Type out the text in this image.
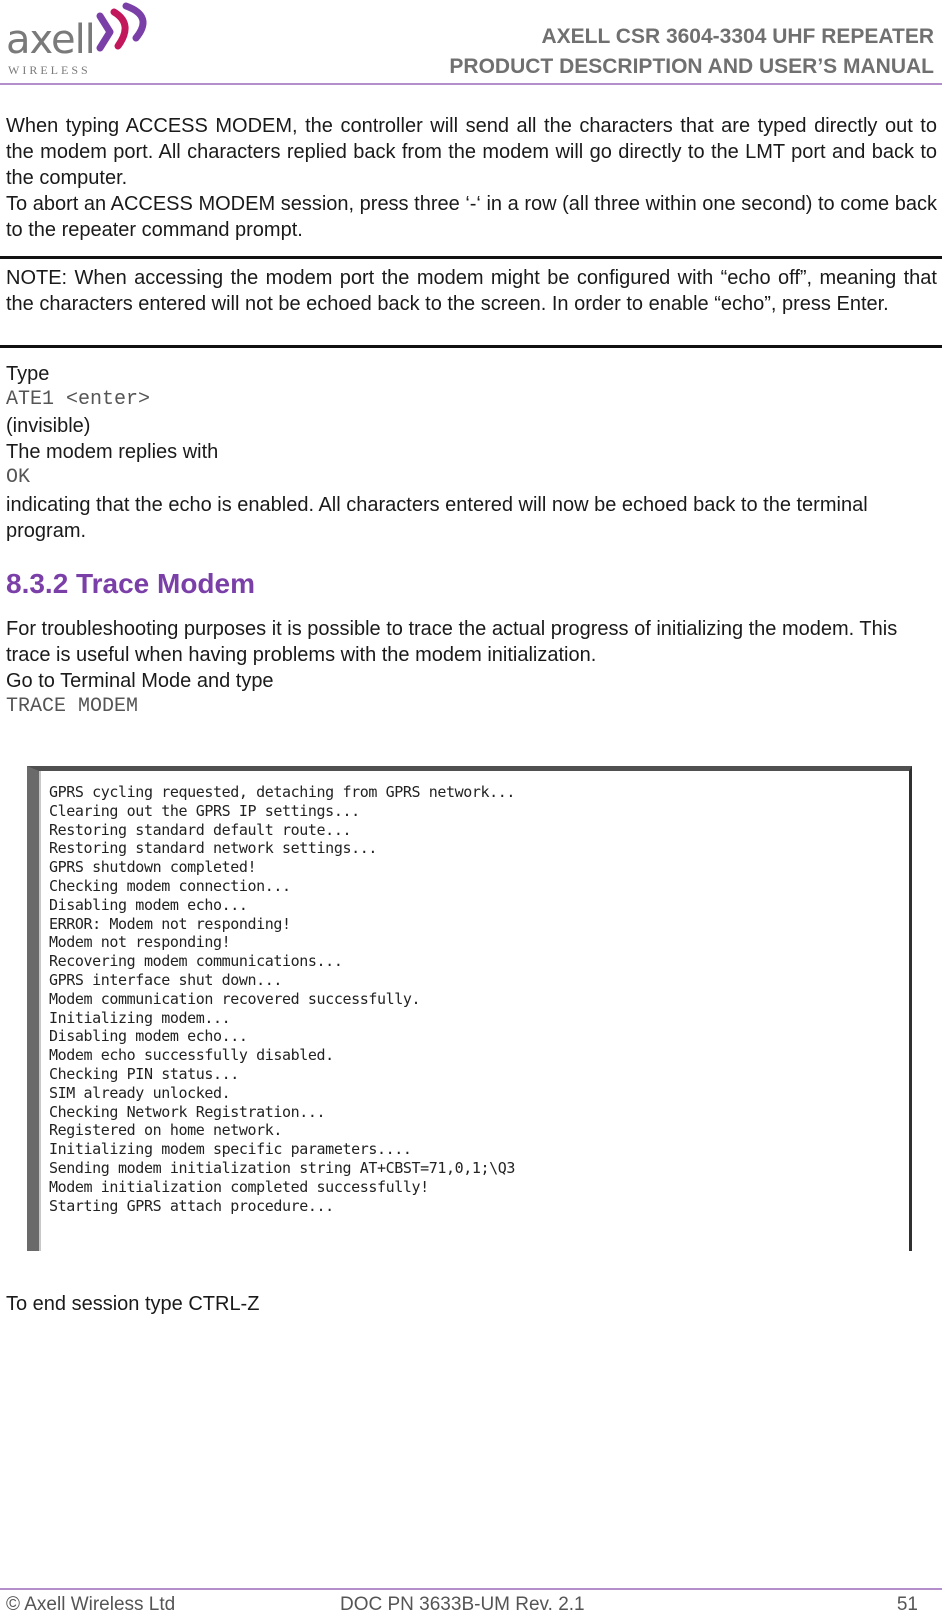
axell
WIRELESS
AXELL CSR 3604-3304 UHF REPEATER
PRODUCT DESCRIPTION AND USER’S MANUAL
When typing ACCESS MODEM, the controller will send all the characters that are typed directly out to the modem port. All characters replied back from the modem will go directly to the LMT port and back to the computer.
To abort an ACCESS MODEM session, press three ‘-‘ in a row (all three within one second) to come back to the repeater command prompt.
NOTE: When accessing the modem port the modem might be configured with “echo off”, meaning that the characters entered will not be echoed back to the screen. In order to enable “echo”, press Enter.
Type
ATE1 <enter>
(invisible)
The modem replies with
OK
indicating that the echo is enabled. All characters entered will now be echoed back to the terminal program.
8.3.2 Trace Modem
For troubleshooting purposes it is possible to trace the actual progress of initializing the modem. This trace is useful when having problems with the modem initialization.
Go to Terminal Mode and type
TRACE MODEM
GPRS cycling requested, detaching from GPRS network...
Clearing out the GPRS IP settings...
Restoring standard default route...
Restoring standard network settings...
GPRS shutdown completed!
Checking modem connection...
Disabling modem echo...
ERROR: Modem not responding!
Modem not responding!
Recovering modem communications...
GPRS interface shut down...
Modem communication recovered successfully.
Initializing modem...
Disabling modem echo...
Modem echo successfully disabled.
Checking PIN status...
SIM already unlocked.
Checking Network Registration...
Registered on home network.
Initializing modem specific parameters....
Sending modem initialization string AT+CBST=71,0,1;\Q3
Modem initialization completed successfully!
Starting GPRS attach procedure...
To end session type CTRL-Z
© Axell Wireless Ltd	DOC PN 3633B-UM Rev. 2.1	51
